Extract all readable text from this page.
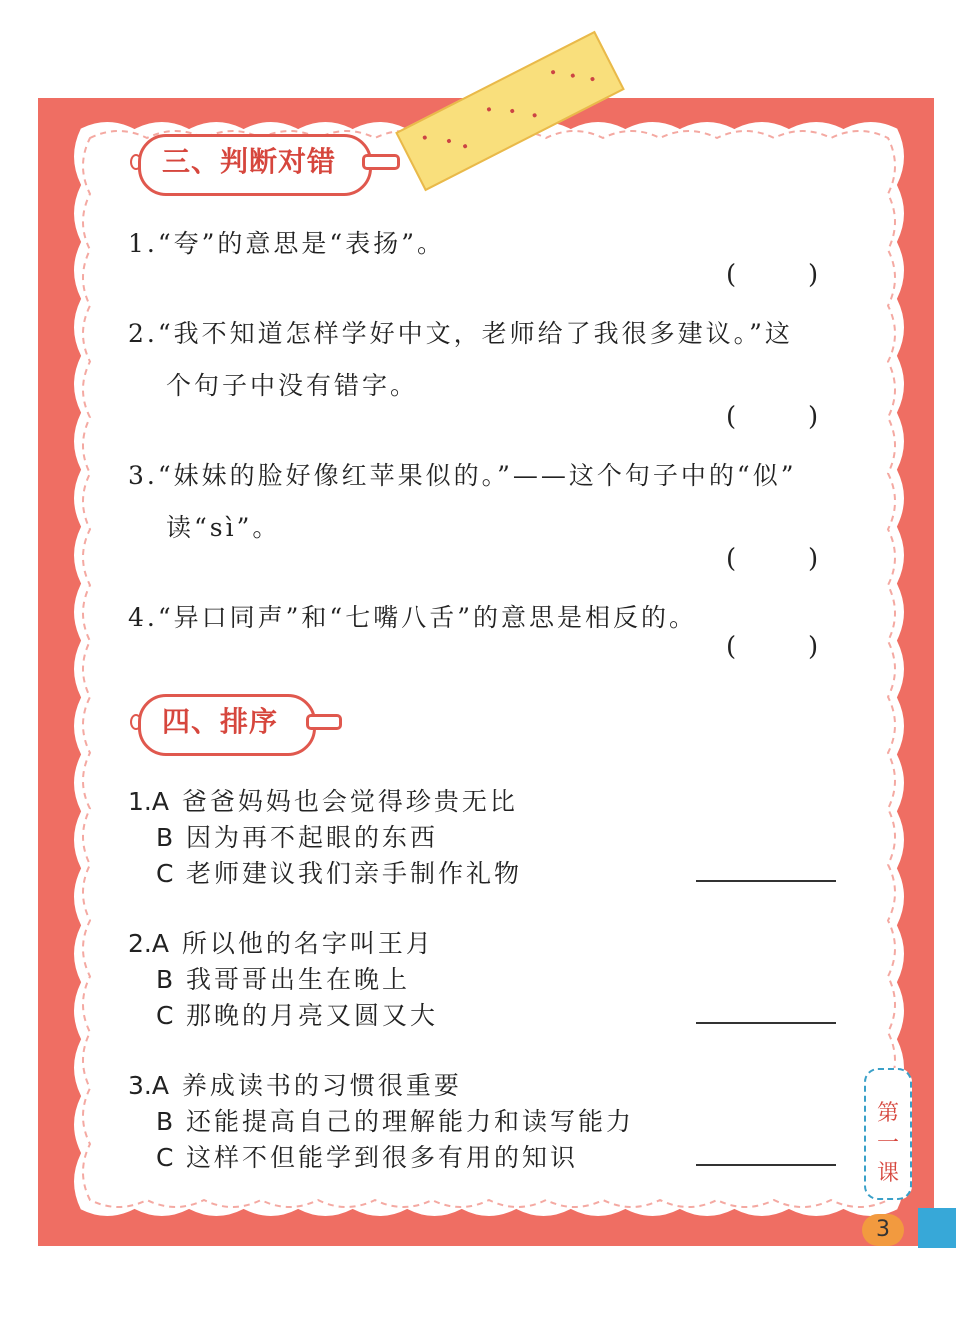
三、判断对错
1.“夸”的意思是“表扬”。
(	)
2.“我不知道怎样学好中文，老师给了我很多建议。”这
个句子中没有错字。
(	)
3.“妹妹的脸好像红苹果似的。”——这个句子中的“似”
读“sì”。
(	)
4.“异口同声”和“七嘴八舌”的意思是相反的。
(	)
四、排序
1.A 爸爸妈妈也会觉得珍贵无比
B 因为再不起眼的东西
C 老师建议我们亲手制作礼物
2.A 所以他的名字叫王月
B 我哥哥出生在晚上
C 那晚的月亮又圆又大
3.A 养成读书的习惯很重要
B 还能提高自己的理解能力和读写能力
C 这样不但能学到很多有用的知识
第
一
课
3
